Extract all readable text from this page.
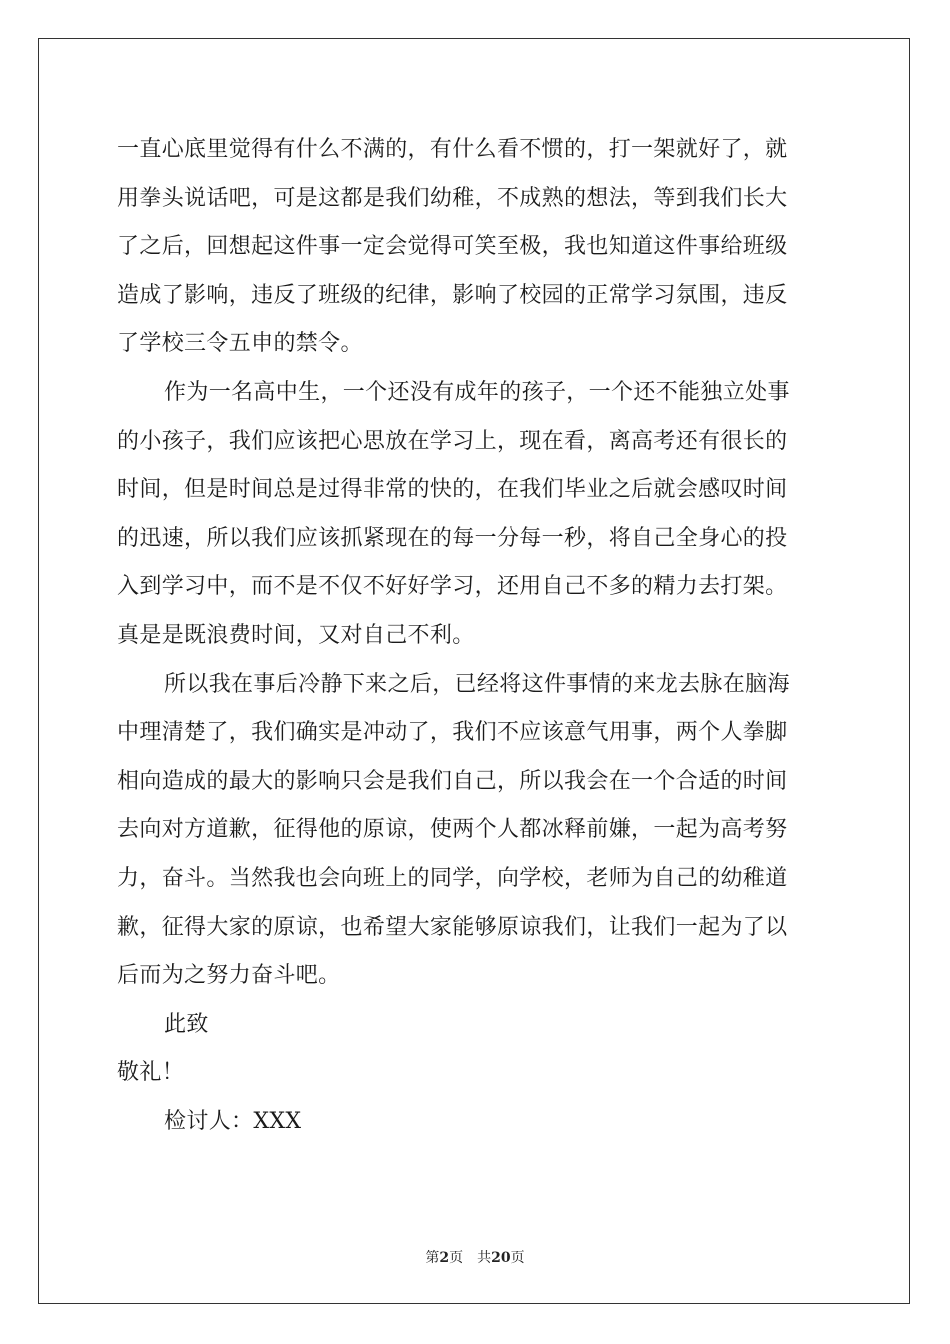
一直心底里觉得有什么不满的，有什么看不惯的，打一架就好了，就
用拳头说话吧，可是这都是我们幼稚，不成熟的想法，等到我们长大
了之后，回想起这件事一定会觉得可笑至极，我也知道这件事给班级
造成了影响，违反了班级的纪律，影响了校园的正常学习氛围，违反
了学校三令五申的禁令。
作为一名高中生，一个还没有成年的孩子，一个还不能独立处事
的小孩子，我们应该把心思放在学习上，现在看，离高考还有很长的
时间，但是时间总是过得非常的快的，在我们毕业之后就会感叹时间
的迅速，所以我们应该抓紧现在的每一分每一秒，将自己全身心的投
入到学习中，而不是不仅不好好学习，还用自己不多的精力去打架。
真是是既浪费时间，又对自己不利。
所以我在事后冷静下来之后，已经将这件事情的来龙去脉在脑海
中理清楚了，我们确实是冲动了，我们不应该意气用事，两个人拳脚
相向造成的最大的影响只会是我们自己，所以我会在一个合适的时间
去向对方道歉，征得他的原谅，使两个人都冰释前嫌，一起为高考努
力，奋斗。当然我也会向班上的同学，向学校，老师为自己的幼稚道
歉，征得大家的原谅，也希望大家能够原谅我们，让我们一起为了以
后而为之努力奋斗吧。
此致
敬礼！
检讨人：XXX
第2页 共20页
